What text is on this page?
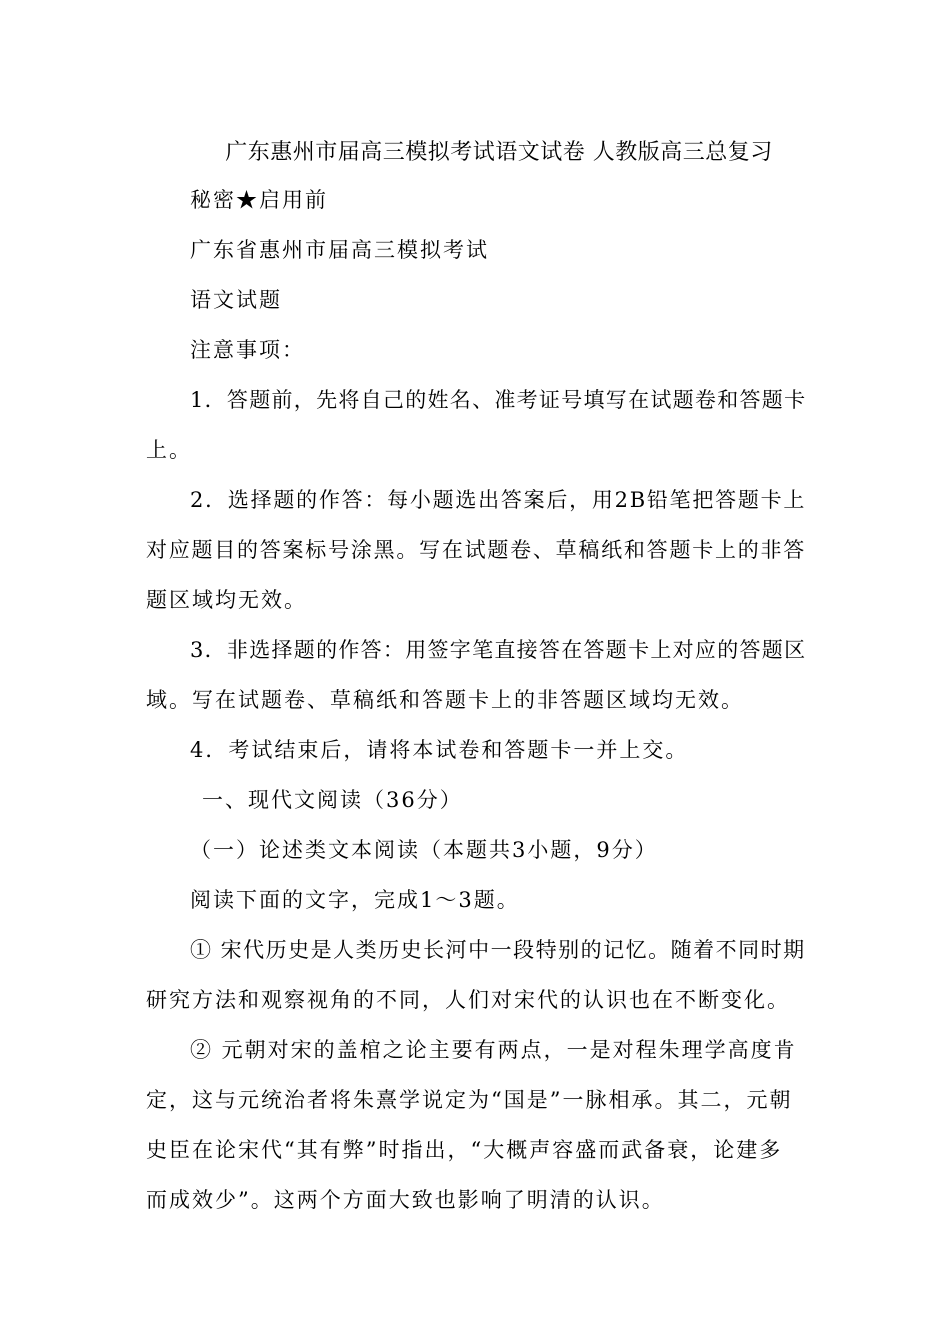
广东惠州市届高三模拟考试语文试卷 人教版高三总复习
秘密★启用前
广东省惠州市届高三模拟考试
语文试题
注意事项：
1．答题前，先将自己的姓名、准考证号填写在试题卷和答题卡
上。
2．选择题的作答：每小题选出答案后，用2B铅笔把答题卡上
对应题目的答案标号涂黑。写在试题卷、草稿纸和答题卡上的非答
题区域均无效。
3．非选择题的作答：用签字笔直接答在答题卡上对应的答题区
域。写在试题卷、草稿纸和答题卡上的非答题区域均无效。
4．考试结束后，请将本试卷和答题卡一并上交。
一、现代文阅读（36分）
（一）论述类文本阅读（本题共3小题，9分）
阅读下面的文字，完成1～3题。
① 宋代历史是人类历史长河中一段特别的记忆。随着不同时期
研究方法和观察视角的不同，人们对宋代的认识也在不断变化。
② 元朝对宋的盖棺之论主要有两点，一是对程朱理学高度肯
定，这与元统治者将朱熹学说定为“国是”一脉相承。其二，元朝
史臣在论宋代“其有弊”时指出，“大概声容盛而武备衰，论建多
而成效少”。这两个方面大致也影响了明清的认识。
